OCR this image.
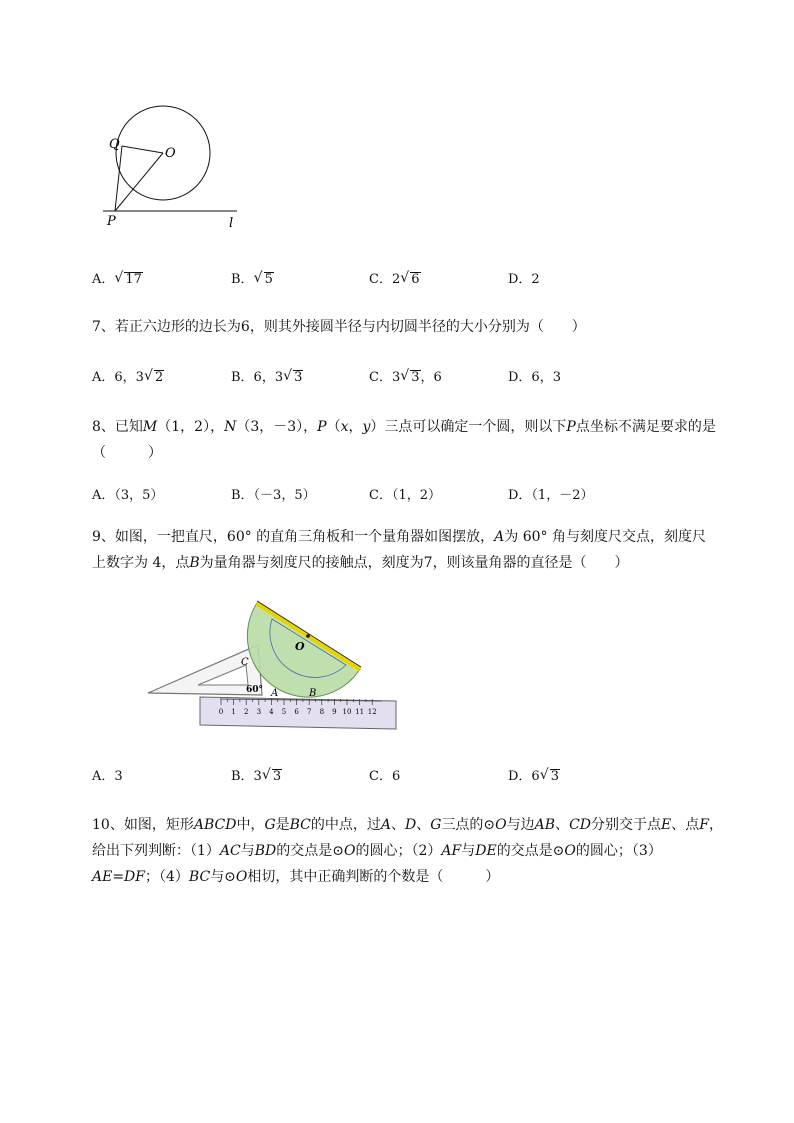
Q
O
P	l
A． √ 17	B． √ 5	C．2 √ 6	D．2
7、若正六边形的边长为6，则其外接圆半径与内切圆半径的大小分别为（　　）
A．6，3 √ 2	B．6，3 √ 3	C．3 √ 3，6	D．6，3
8、已知M（1，2），N（3，－3），P（x，y）三点可以确定一个圆，则以下P点坐标不满足要求的是
（　　　）
A．（3，5）	B．（－3，5）	C．（1，2）	D．（1，－2）
9、如图，一把直尺，60° 的直角三角板和一个量角器如图摆放，A为 60° 角与刻度尺交点，刻度尺
上数字为 4，点B为量角器与刻度尺的接触点，刻度为7，则该量角器的直径是（　　）
0 1 2 3 4 5 6 7 8 9 10 11 12
O
C
60° A	B
A．3	B．3 √ 3	C．6	D．6 √ 3
10、如图，矩形ABCD中，G是BC的中点，过A、D、G三点的⊙O与边AB、CD分别交于点E、点F，
给出下列判断：（1）AC与BD的交点是⊙O的圆心；（2）AF与DE的交点是⊙O的圆心；（3）
AE=DF；（4）BC与⊙O相切，其中正确判断的个数是（　　　）
